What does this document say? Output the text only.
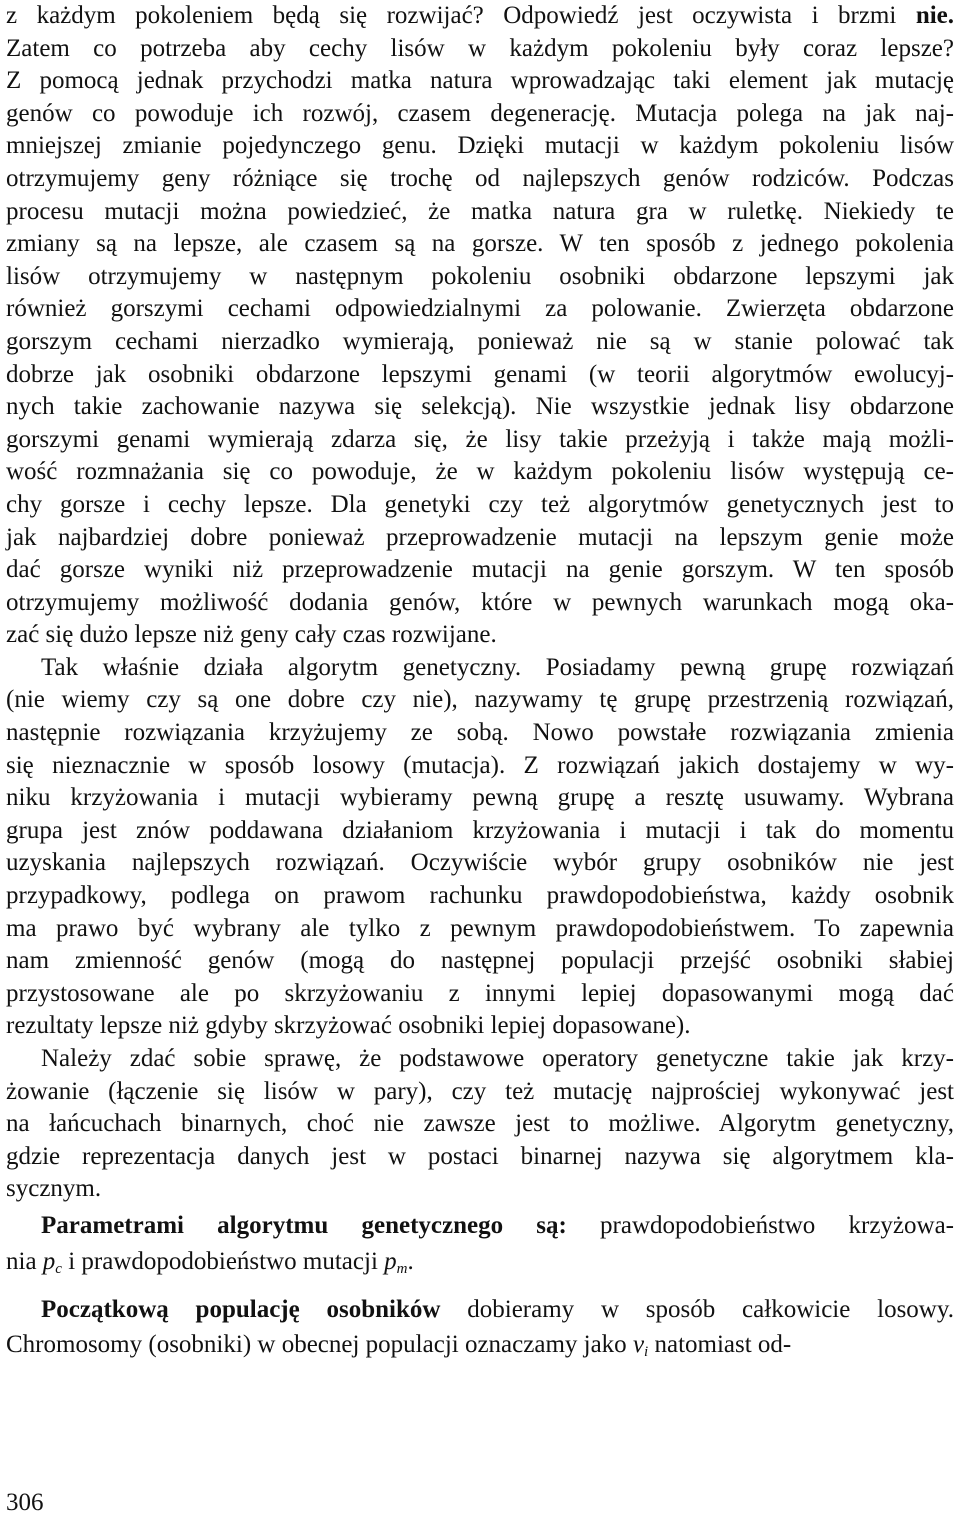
z każdym pokoleniem będą się rozwijać? Odpowiedź jest oczywista i brzmi nie.
Zatem co potrzeba aby cechy lisów w każdym pokoleniu były coraz lepsze?
Z pomocą jednak przychodzi matka natura wprowadzając taki element jak mutację
genów co powoduje ich rozwój, czasem degenerację. Mutacja polega na jak naj-
mniejszej zmianie pojedynczego genu. Dzięki mutacji w każdym pokoleniu lisów
otrzymujemy geny różniące się trochę od najlepszych genów rodziców. Podczas
procesu mutacji można powiedzieć, że matka natura gra w ruletkę. Niekiedy te
zmiany są na lepsze, ale czasem są na gorsze. W ten sposób z jednego pokolenia
lisów otrzymujemy w następnym pokoleniu osobniki obdarzone lepszymi jak
również gorszymi cechami odpowiedzialnymi za polowanie. Zwierzęta obdarzone
gorszym cechami nierzadko wymierają, ponieważ nie są w stanie polować tak
dobrze jak osobniki obdarzone lepszymi genami (w teorii algorytmów ewolucyj-
nych takie zachowanie nazywa się selekcją). Nie wszystkie jednak lisy obdarzone
gorszymi genami wymierają zdarza się, że lisy takie przeżyją i także mają możli-
wość rozmnażania się co powoduje, że w każdym pokoleniu lisów występują ce-
chy gorsze i cechy lepsze. Dla genetyki czy też algorytmów genetycznych jest to
jak najbardziej dobre ponieważ przeprowadzenie mutacji na lepszym genie może
dać gorsze wyniki niż przeprowadzenie mutacji na genie gorszym. W ten sposób
otrzymujemy możliwość dodania genów, które w pewnych warunkach mogą oka-
zać się dużo lepsze niż geny cały czas rozwijane.

Tak właśnie działa algorytm genetyczny. Posiadamy pewną grupę rozwiązań
(nie wiemy czy są one dobre czy nie), nazywamy tę grupę przestrzenią rozwiązań,
następnie rozwiązania krzyżujemy ze sobą. Nowo powstałe rozwiązania zmienia
się nieznacznie w sposób losowy (mutacja). Z rozwiązań jakich dostajemy w wy-
niku krzyżowania i mutacji wybieramy pewną grupę a resztę usuwamy. Wybrana
grupa jest znów poddawana działaniom krzyżowania i mutacji i tak do momentu
uzyskania najlepszych rozwiązań. Oczywiście wybór grupy osobników nie jest
przypadkowy, podlega on prawom rachunku prawdopodobieństwa, każdy osobnik
ma prawo być wybrany ale tylko z pewnym prawdopodobieństwem. To zapewnia
nam zmienność genów (mogą do następnej populacji przejść osobniki słabiej
przystosowane ale po skrzyżowaniu z innymi lepiej dopasowanymi mogą dać
rezultaty lepsze niż gdyby skrzyżować osobniki lepiej dopasowane).

Należy zdać sobie sprawę, że podstawowe operatory genetyczne takie jak krzy-
żowanie (łączenie się lisów w pary), czy też mutację najprościej wykonywać jest
na łańcuchach binarnych, choć nie zawsze jest to możliwe. Algorytm genetyczny,
gdzie reprezentacja danych jest w postaci binarnej nazywa się algorytmem kla-
sycznym.

Parametrami algorytmu genetycznego są: prawdopodobieństwo krzyżowa-
nia $p_c$ i prawdopodobieństwo mutacji $p_m$.

Początkową populację osobników dobieramy w sposób całkowicie losowy.
Chromosomy (osobniki) w obecnej populacji oznaczamy jako $v_i$ natomiast od-

306
